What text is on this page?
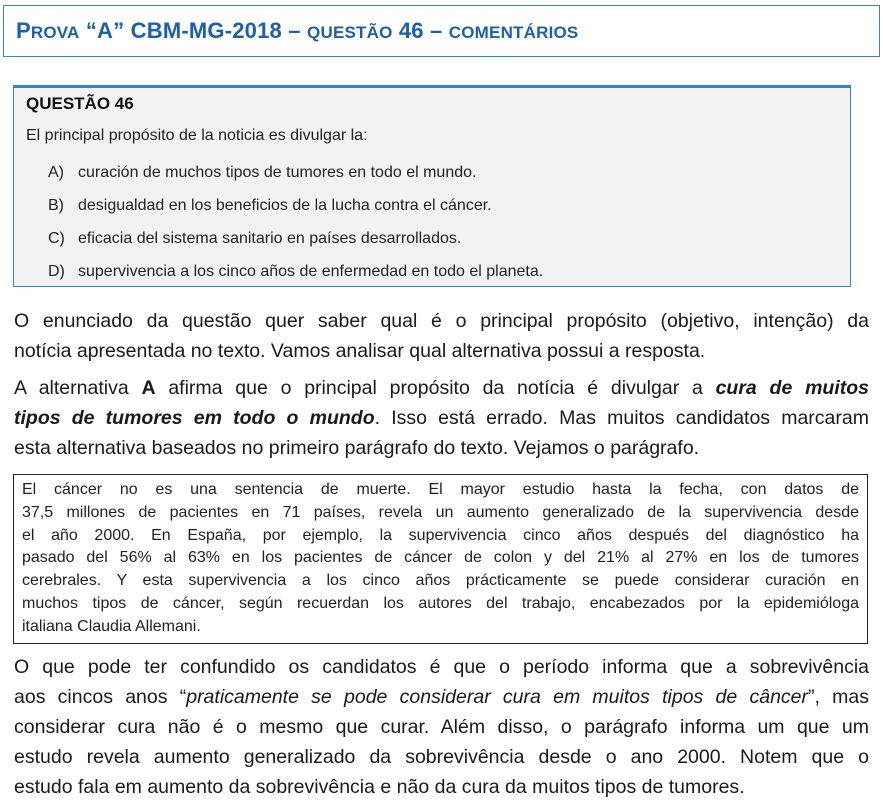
PROVA “A” CBM-MG-2018 – QUESTÃO 46 – COMENTÁRIOS
QUESTÃO 46
El principal propósito de la noticia es divulgar la:
A) curación de muchos tipos de tumores en todo el mundo.
B) desigualdad en los beneficios de la lucha contra el cáncer.
C) eficacia del sistema sanitario en países desarrollados.
D) supervivencia a los cinco años de enfermedad en todo el planeta.
O enunciado da questão quer saber qual é o principal propósito (objetivo, intenção) da
notícia apresentada no texto. Vamos analisar qual alternativa possui a resposta.
A alternativa A afirma que o principal propósito da notícia é divulgar a cura de muitos
tipos de tumores em todo o mundo. Isso está errado. Mas muitos candidatos marcaram
esta alternativa baseados no primeiro parágrafo do texto. Vejamos o parágrafo.
El cáncer no es una sentencia de muerte. El mayor estudio hasta la fecha, con datos de
37,5 millones de pacientes en 71 países, revela un aumento generalizado de la supervivencia desde
el año 2000. En España, por ejemplo, la supervivencia cinco años después del diagnóstico ha
pasado del 56% al 63% en los pacientes de cáncer de colon y del 21% al 27% en los de tumores
cerebrales. Y esta supervivencia a los cinco años prácticamente se puede considerar curación en
muchos tipos de cáncer, según recuerdan los autores del trabajo, encabezados por la epidemióloga
italiana Claudia Allemani.
O que pode ter confundido os candidatos é que o período informa que a sobrevivência
aos cincos anos “praticamente se pode considerar cura em muitos tipos de câncer”, mas
considerar cura não é o mesmo que curar. Além disso, o parágrafo informa um que um
estudo revela aumento generalizado da sobrevivência desde o ano 2000. Notem que o
estudo fala em aumento da sobrevivência e não da cura da muitos tipos de tumores.
